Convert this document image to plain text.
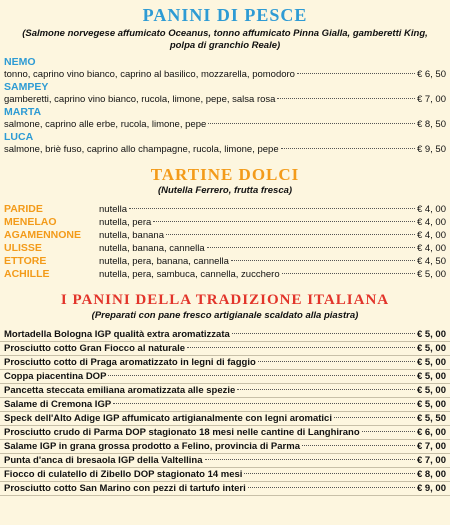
PANINI DI PESCE

(Salmone norvegese affumicato Oceanus, tonno affumicato Pinna Gialla, gamberetti King,

polpa di granchio Reale)

NEMO

tonno, caprino vino bianco, caprino al basilico, mozzarella, pomodoro	€ 6, 50

SAMPEY

gamberetti, caprino vino bianco, rucola, limone, pepe, salsa rosa	€ 7, 00

MARTA

salmone, caprino alle erbe, rucola, limone, pepe	€ 8, 50

LUCA

salmone, briè fuso, caprino allo champagne, rucola, limone, pepe	€ 9, 50
TARTINE DOLCI

(Nutella Ferrero, frutta fresca)

PARIDE	nutella	€ 4, 00
MENELAO	nutella, pera	€ 4, 00
AGAMENNONE	nutella, banana	€ 4, 00
ULISSE	nutella, banana, cannella	€ 4, 00
ETTORE	nutella, pera, banana, cannella	€ 4, 50
ACHILLE	nutella, pera, sambuca, cannella, zucchero	€ 5, 00
I PANINI DELLA TRADIZIONE ITALIANA

(Preparati con pane fresco artigianale scaldato alla piastra)

Mortadella Bologna IGP qualità extra aromatizzata	€ 5, 00
Prosciutto cotto Gran Fiocco al naturale	€ 5, 00
Prosciutto cotto di Praga aromatizzato in legni di faggio	€ 5, 00
Coppa piacentina DOP	€ 5, 00
Pancetta steccata emiliana aromatizzata alle spezie	€ 5, 00
Salame di Cremona IGP	€ 5, 00
Speck dell'Alto Adige IGP affumicato artigianalmente con legni aromatici	€ 5, 50
Prosciutto crudo di Parma DOP stagionato 18 mesi nelle cantine di Langhirano	€ 6, 00
Salame IGP in grana grossa prodotto a Felino, provincia di Parma	€ 7, 00
Punta d'anca di bresaola IGP della Valtellina	€ 7, 00
Fiocco di culatello di Zibello DOP stagionato 14 mesi	€ 8, 00
Prosciutto cotto San Marino con pezzi di tartufo interi	€ 9, 00
